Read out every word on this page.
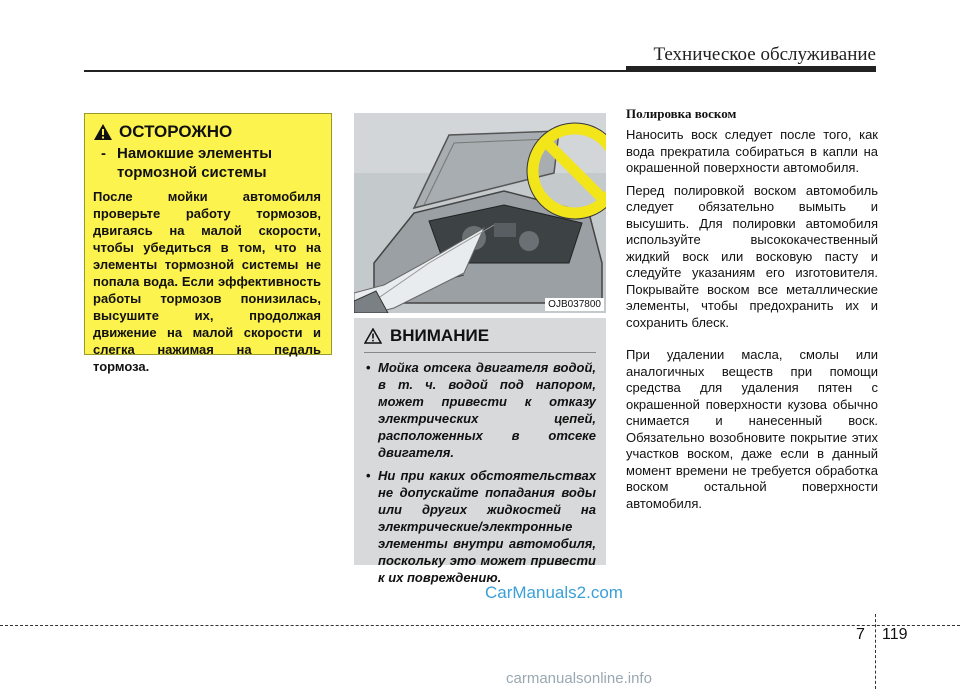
Техническое обслуживание
ОСТОРОЖНО
- Намокшие элементы тормозной системы
После мойки автомобиля проверьте работу тормозов, двигаясь на малой скорости, чтобы убедиться в том, что на элементы тормозной системы не попала вода. Если эффективность работы тормозов понизилась, высушите их, продолжая движение на малой скорости и слегка нажимая на педаль тормоза.
OJB037800
ВНИМАНИЕ
• Мойка отсека двигателя водой, в т. ч. водой под напором, может привести к отказу электрических цепей, расположенных в отсеке двигателя.
• Ни при каких обстоятельствах не допускайте попадания воды или других жидкостей на электрические/электронные элементы внутри автомобиля, поскольку это может привести к их повреждению.
Полировка воском

Наносить воск следует после того, как вода прекратила собираться в капли на окрашенной поверхности автомобиля.

Перед полировкой воском автомобиль следует обязательно вымыть и высушить. Для полировки автомобиля используйте высококачественный жидкий воск или восковую пасту и следуйте указаниям его изготовителя. Покрывайте воском все металлические элементы, чтобы предохранить их и сохранить блеск.

При удалении масла, смолы или аналогичных веществ при помощи средства для удаления пятен с окрашенной поверхности кузова обычно снимается и нанесенный воск. Обязательно возобновите покрытие этих участков воском, даже если в данный момент времени не требуется обработка воском остальной поверхности автомобиля.

CarManuals2.com
7 119
carmanualsonline.info
